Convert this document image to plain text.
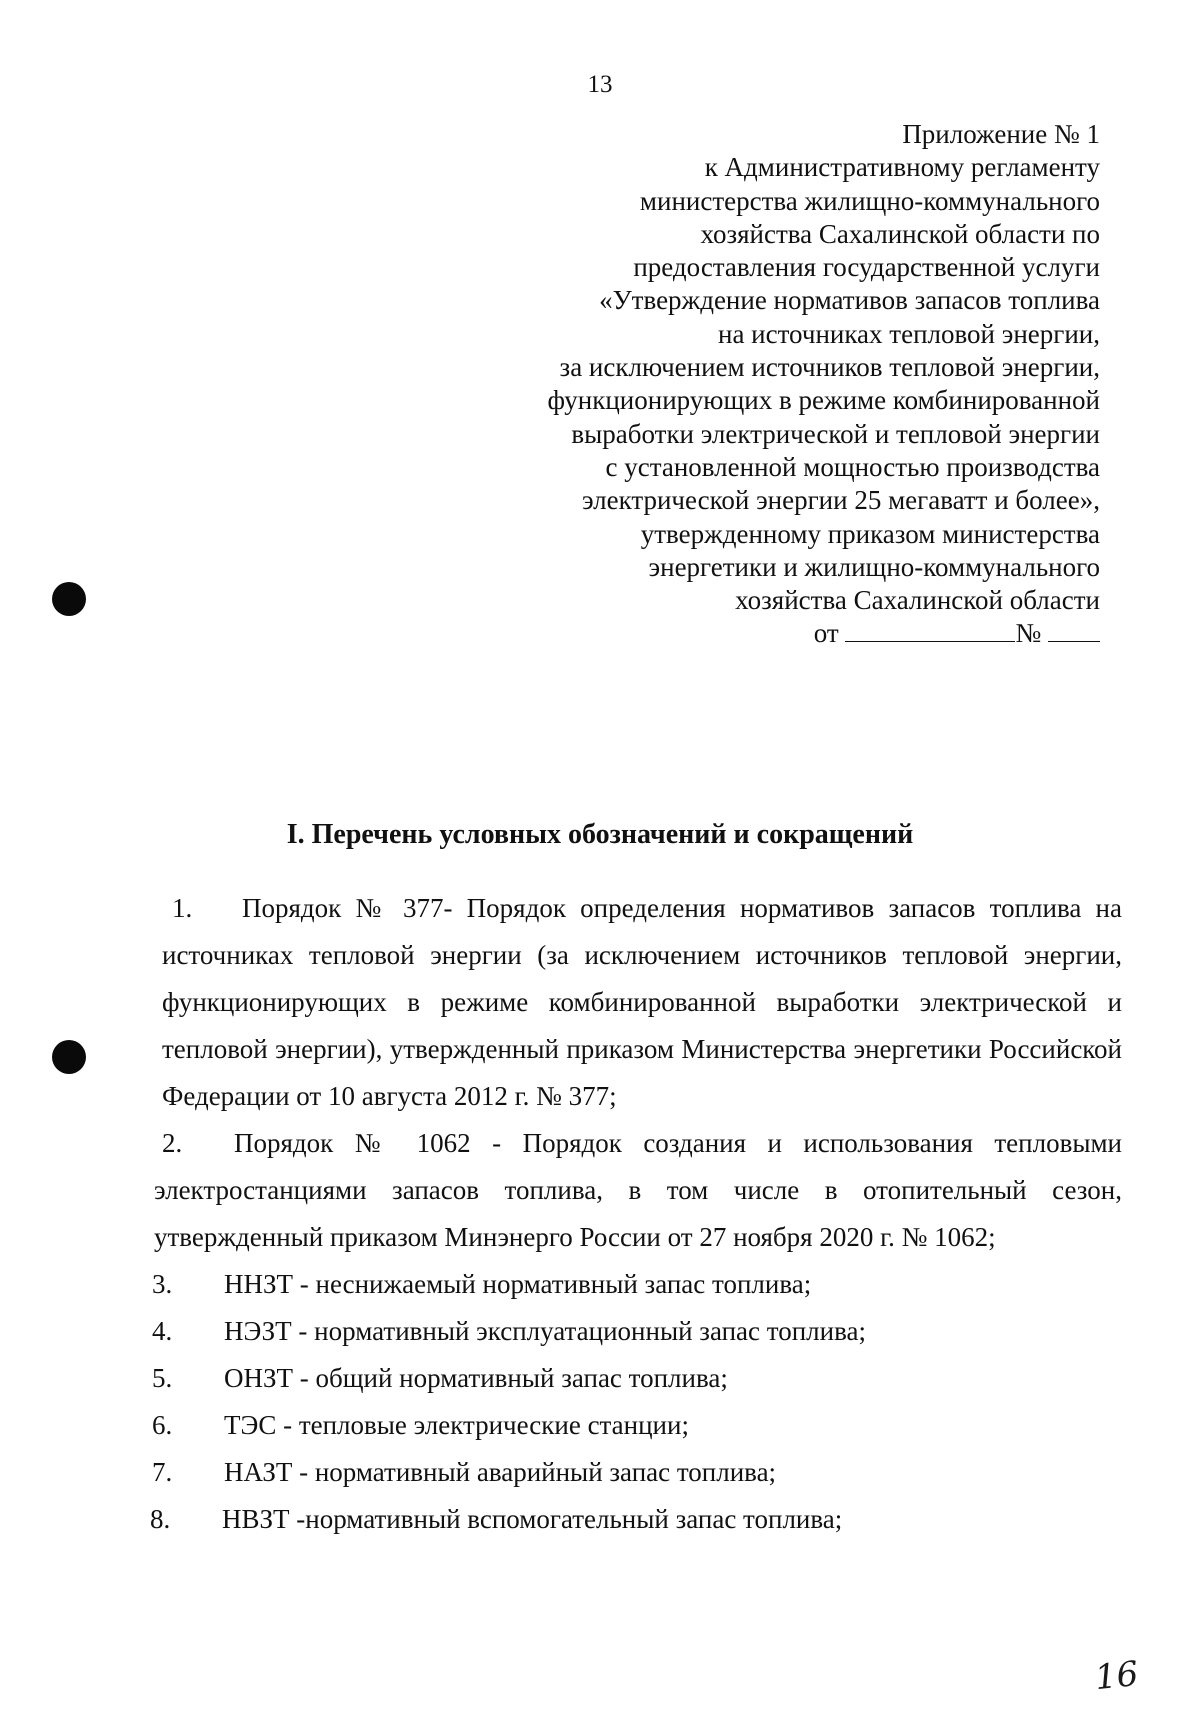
13
Приложение № 1
к Административному регламенту
министерства жилищно-коммунального
хозяйства Сахалинской области по
предоставления государственной услуги
«Утверждение нормативов запасов топлива
на источниках тепловой энергии,
за исключением источников тепловой энергии,
функционирующих в режиме комбинированной
выработки электрической и тепловой энергии
с установленной мощностью производства
электрической энергии 25 мегаватт и более»,
утвержденному приказом министерства
энергетики и жилищно-коммунального
хозяйства Сахалинской области
от	№
I. Перечень условных обозначений и сокращений
1.	Порядок № 377- Порядок определения нормативов запасов топлива на источниках тепловой энергии (за исключением источников тепловой энергии, функционирующих в режиме комбинированной выработки электрической и тепловой энергии), утвержденный приказом Министерства энергетики Российской Федерации от 10 августа 2012 г. № 377;

2.	Порядок № 1062 - Порядок создания и использования тепловыми электростанциями запасов топлива, в том числе в отопительный сезон, утвержденный приказом Минэнерго России от 27 ноября 2020 г. № 1062;

3. ННЗТ - неснижаемый нормативный запас топлива;
4. НЭЗТ - нормативный эксплуатационный запас топлива;
5. ОНЗТ - общий нормативный запас топлива;
6. ТЭС - тепловые электрические станции;
7. НАЗТ - нормативный аварийный запас топлива;
8. НВЗТ -нормативный вспомогательный запас топлива;
16
